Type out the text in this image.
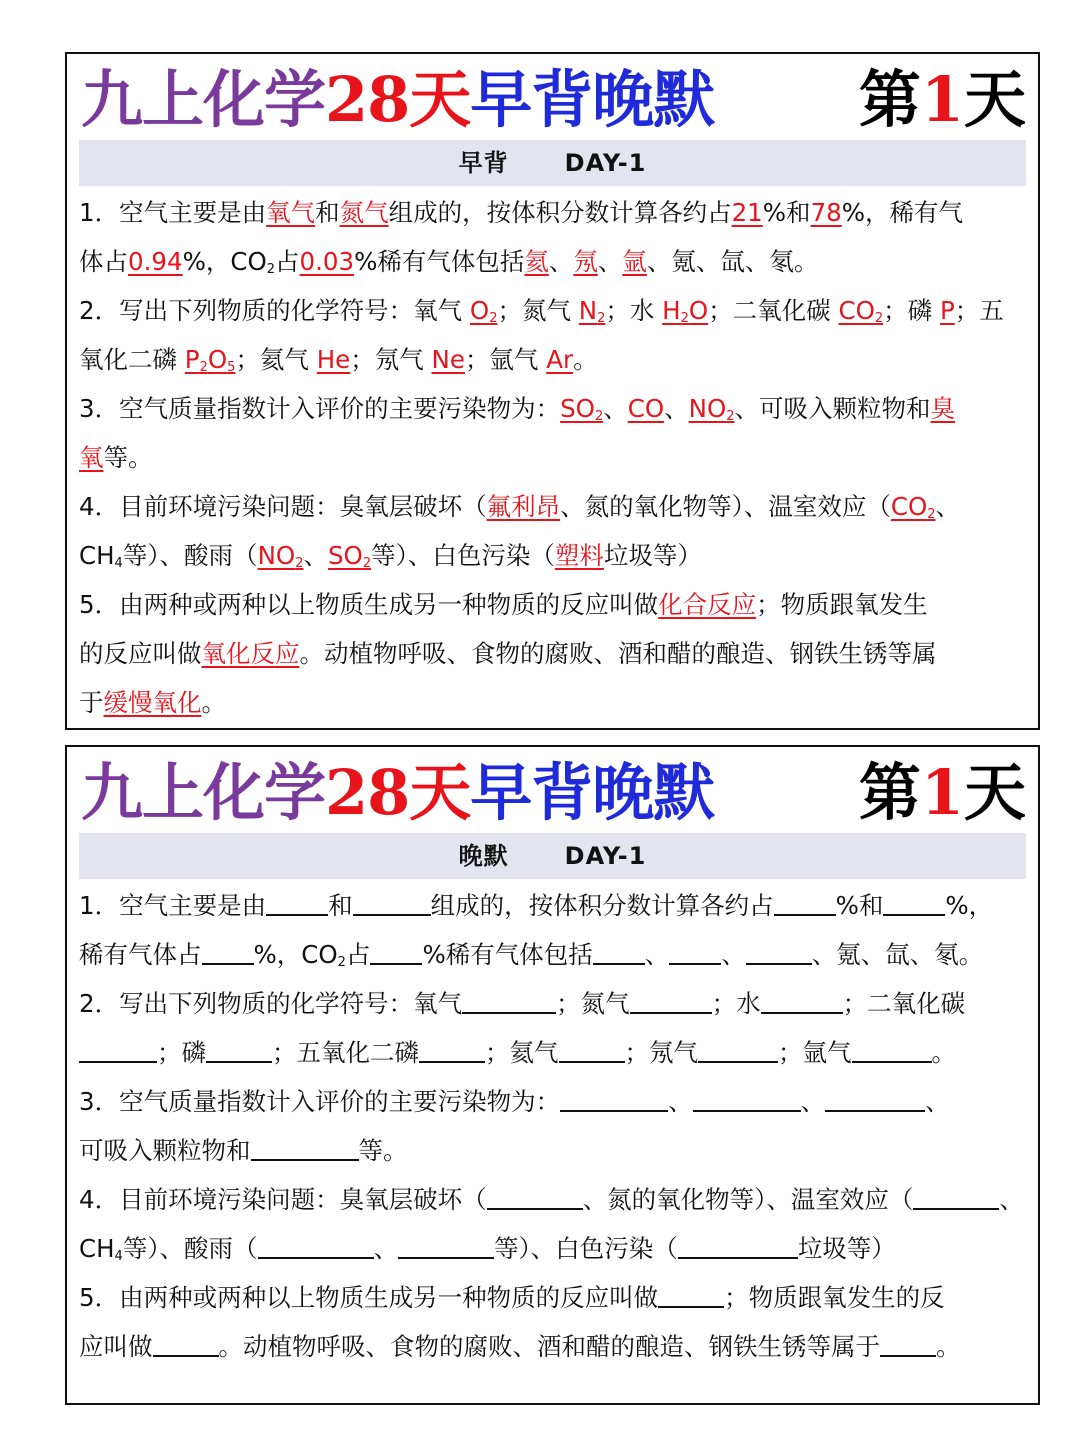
九上化学28天早背晚默 第1天
早背 DAY-1
1．空气主要是由氧气和氮气组成的，按体积分数计算各约占21%和78%，稀有气
体占0.94%，$CO_2$占0.03%稀有气体包括氦、氖、氩、氪、氙、氡。
2．写出下列物质的化学符号：氧气 $O_2$；氮气 $N_2$；水 $H_2O$；二氧化碳 $CO_2$；磷 P；五
氧化二磷 $P_2O_5$；氦气 He；氖气 Ne；氩气 Ar。
3．空气质量指数计入评价的主要污染物为：$SO_2$、CO、$NO_2$、可吸入颗粒物和臭
氧等。
4．目前环境污染问题：臭氧层破坏（氟利昂、氮的氧化物等）、温室效应（$CO_2$、
$CH_4$等）、酸雨（$NO_2$、$SO_2$等）、白色污染（塑料垃圾等）
5．由两种或两种以上物质生成另一种物质的反应叫做化合反应；物质跟氧发生
的反应叫做氧化反应。动植物呼吸、食物的腐败、酒和醋的酿造、钢铁生锈等属
于缓慢氧化。
九上化学28天早背晚默 第1天
晚默 DAY-1
1．空气主要是由	和	组成的，按体积分数计算各约占	%和	%，
稀有气体占 %，$CO_2$占 %稀有气体包括 、 、	、氪、氙、氡。
2．写出下列物质的化学符号：氧气	；氮气	；水	；二氧化碳
；磷	；五氧化二磷	；氦气	；氖气	；氩气	。
3．空气质量指数计入评价的主要污染物为：	、	、	、
可吸入颗粒物和	等。
4．目前环境污染问题：臭氧层破坏（	、氮的氧化物等）、温室效应（	、
$CH_4$等）、酸雨（	、	等）、白色污染（	垃圾等）
5．由两种或两种以上物质生成另一种物质的反应叫做	；物质跟氧发生的反
应叫做	。动植物呼吸、食物的腐败、酒和醋的酿造、钢铁生锈等属于 。
